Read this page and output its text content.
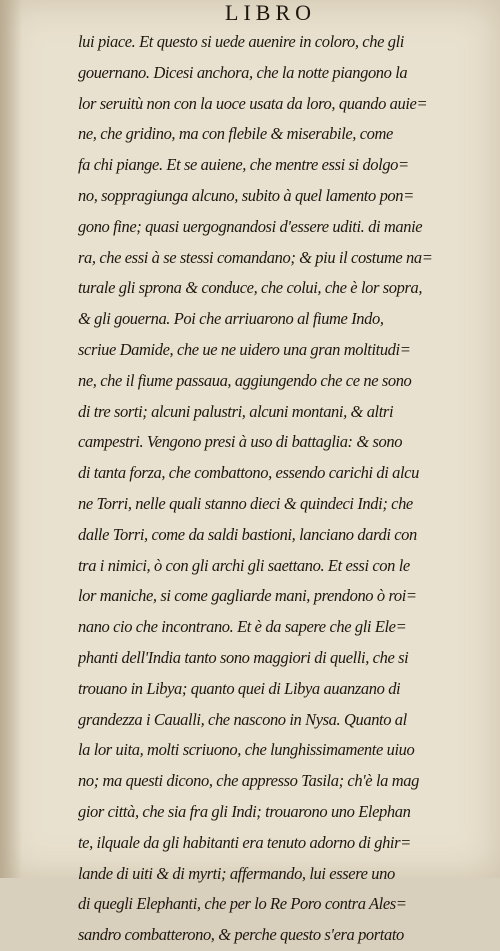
LIBRO
lui piace. Et questo si uede auenire in coloro, che gli
gouernano. Dicesi anchora, che la notte piangono la
lor seruitù non con la uoce usata da loro, quando auie=
ne, che gridino, ma con flebile & miserabile, come
fa chi piange. Et se auiene, che mentre essi si dolgo=
no, soppragiunga alcuno, subito à quel lamento pon=
gono fine; quasi uergognandosi d'essere uditi. di manie
ra, che essi à se stessi comandano; & piu il costume na=
turale gli sprona & conduce, che colui, che è lor sopra,
& gli gouerna. Poi che arriuarono al fiume Indo,
scriue Damide, che ue ne uidero una gran moltitudi=
ne, che il fiume passaua, aggiungendo che ce ne sono
di tre sorti; alcuni palustri, alcuni montani, & altri
campestri. Vengono presi à uso di battaglia: & sono
di tanta forza, che combattono, essendo carichi di alcu
ne Torri, nelle quali stanno dieci & quindeci Indi; che
dalle Torri, come da saldi bastioni, lanciano dardi con
tra i nimici, ò con gli archi gli saettano. Et essi con le
lor maniche, si come gagliarde mani, prendono ò roi=
nano cio che incontrano. Et è da sapere che gli Ele=
phanti dell'India tanto sono maggiori di quelli, che si
trouano in Libya; quanto quei di Libya auanzano di
grandezza i Caualli, che nascono in Nysa. Quanto al
la lor uita, molti scriuono, che lunghissimamente uiuo
no; ma questi dicono, che appresso Tasila; ch'è la mag
gior città, che sia fra gli Indi; trouarono uno Elephan
te, ilquale da gli habitanti era tenuto adorno di ghir=
lande di uiti & di myrti; affermando, lui essere uno
di quegli Elephanti, che per lo Re Poro contra Ales=
sandro combatterono, & perche questo s'era portato
